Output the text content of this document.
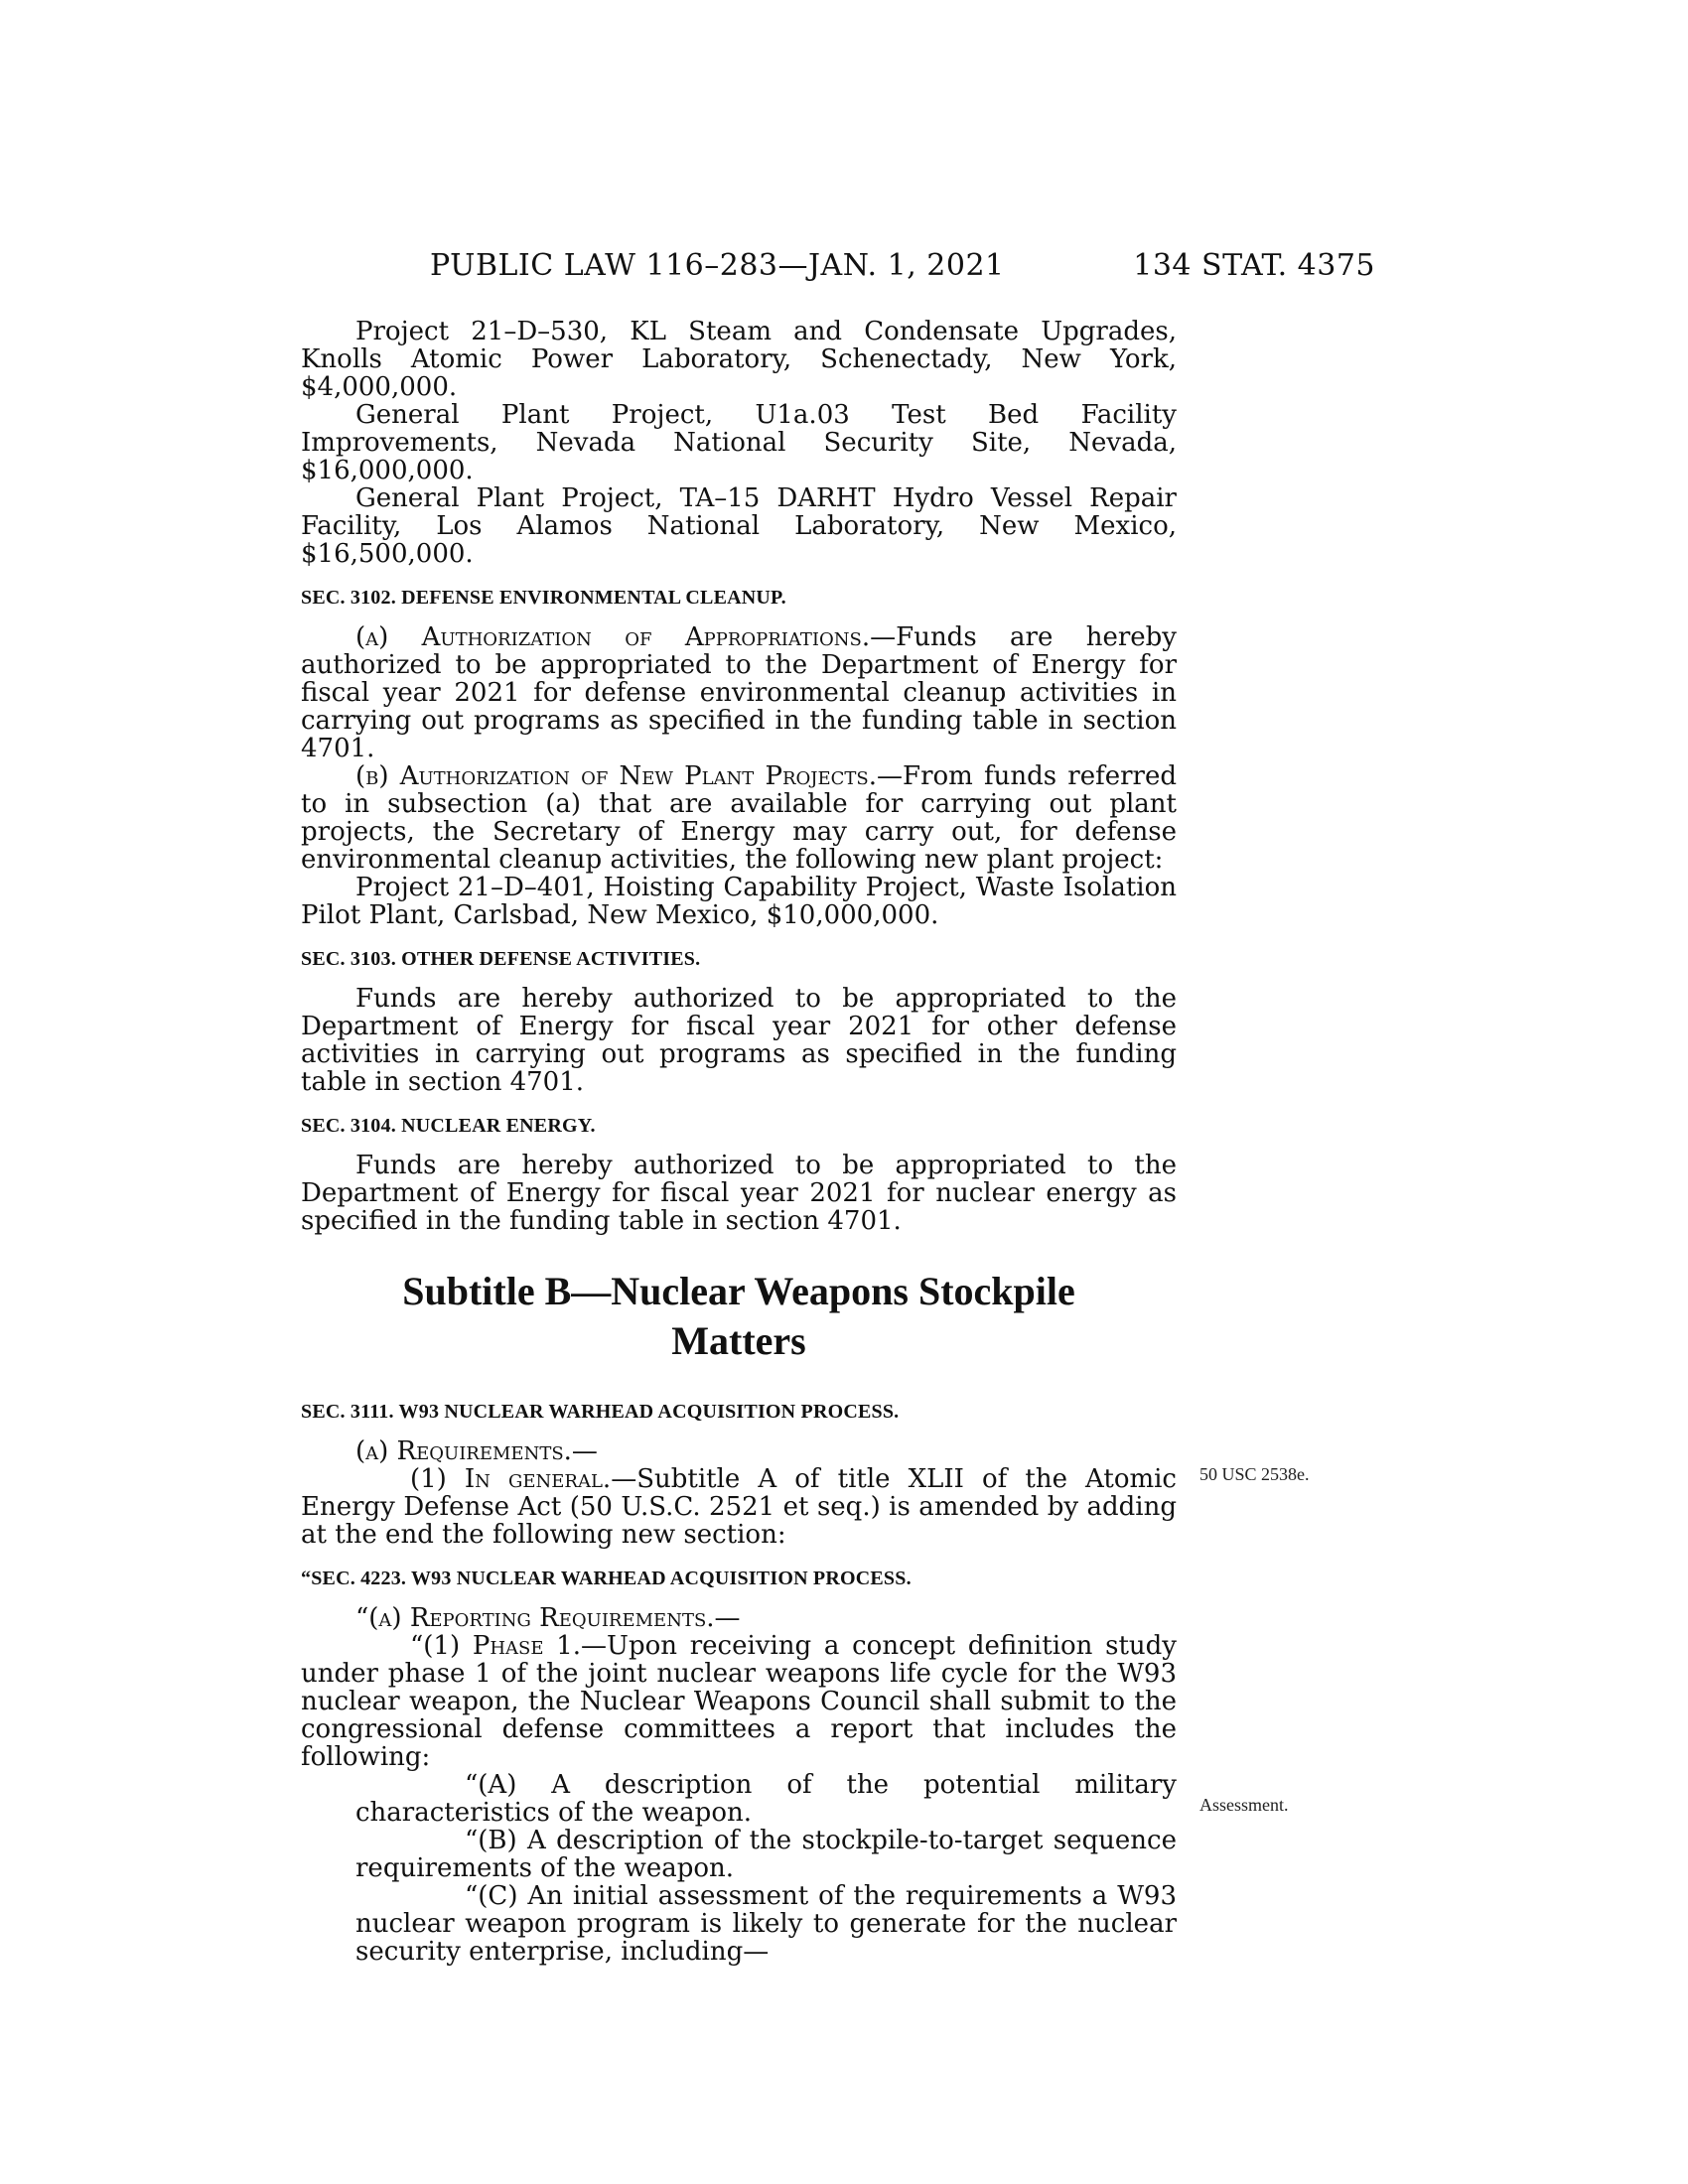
PUBLIC LAW 116–283—JAN. 1, 2021	134 STAT. 4375

Project 21–D–530, KL Steam and Condensate Upgrades, Knolls Atomic Power Laboratory, Schenectady, New York, $4,000,000.

General Plant Project, U1a.03 Test Bed Facility Improvements, Nevada National Security Site, Nevada, $16,000,000.

General Plant Project, TA–15 DARHT Hydro Vessel Repair Facility, Los Alamos National Laboratory, New Mexico, $16,500,000.

SEC. 3102. DEFENSE ENVIRONMENTAL CLEANUP.

(a) Authorization of Appropriations.—Funds are hereby authorized to be appropriated to the Department of Energy for fiscal year 2021 for defense environmental cleanup activities in carrying out programs as specified in the funding table in section 4701.

(b) Authorization of New Plant Projects.—From funds referred to in subsection (a) that are available for carrying out plant projects, the Secretary of Energy may carry out, for defense environmental cleanup activities, the following new plant project:

Project 21–D–401, Hoisting Capability Project, Waste Isolation Pilot Plant, Carlsbad, New Mexico, $10,000,000.

SEC. 3103. OTHER DEFENSE ACTIVITIES.

Funds are hereby authorized to be appropriated to the Department of Energy for fiscal year 2021 for other defense activities in carrying out programs as specified in the funding table in section 4701.

SEC. 3104. NUCLEAR ENERGY.

Funds are hereby authorized to be appropriated to the Department of Energy for fiscal year 2021 for nuclear energy as specified in the funding table in section 4701.

Subtitle B—Nuclear Weapons Stockpile
Matters
SEC. 3111. W93 NUCLEAR WARHEAD ACQUISITION PROCESS.

(a) Requirements.—

(1) In general.—Subtitle A of title XLII of the Atomic Energy Defense Act (50 U.S.C. 2521 et seq.) is amended by adding at the end the following new section:

“SEC. 4223. W93 NUCLEAR WARHEAD ACQUISITION PROCESS.

“(a) Reporting Requirements.—

“(1) Phase 1.—Upon receiving a concept definition study under phase 1 of the joint nuclear weapons life cycle for the W93 nuclear weapon, the Nuclear Weapons Council shall submit to the congressional defense committees a report that includes the following:

“(A) A description of the potential military characteristics of the weapon.

“(B) A description of the stockpile-to-target sequence requirements of the weapon.

“(C) An initial assessment of the requirements a W93 nuclear weapon program is likely to generate for the nuclear security enterprise, including—

50 USC 2538e.
Assessment.
